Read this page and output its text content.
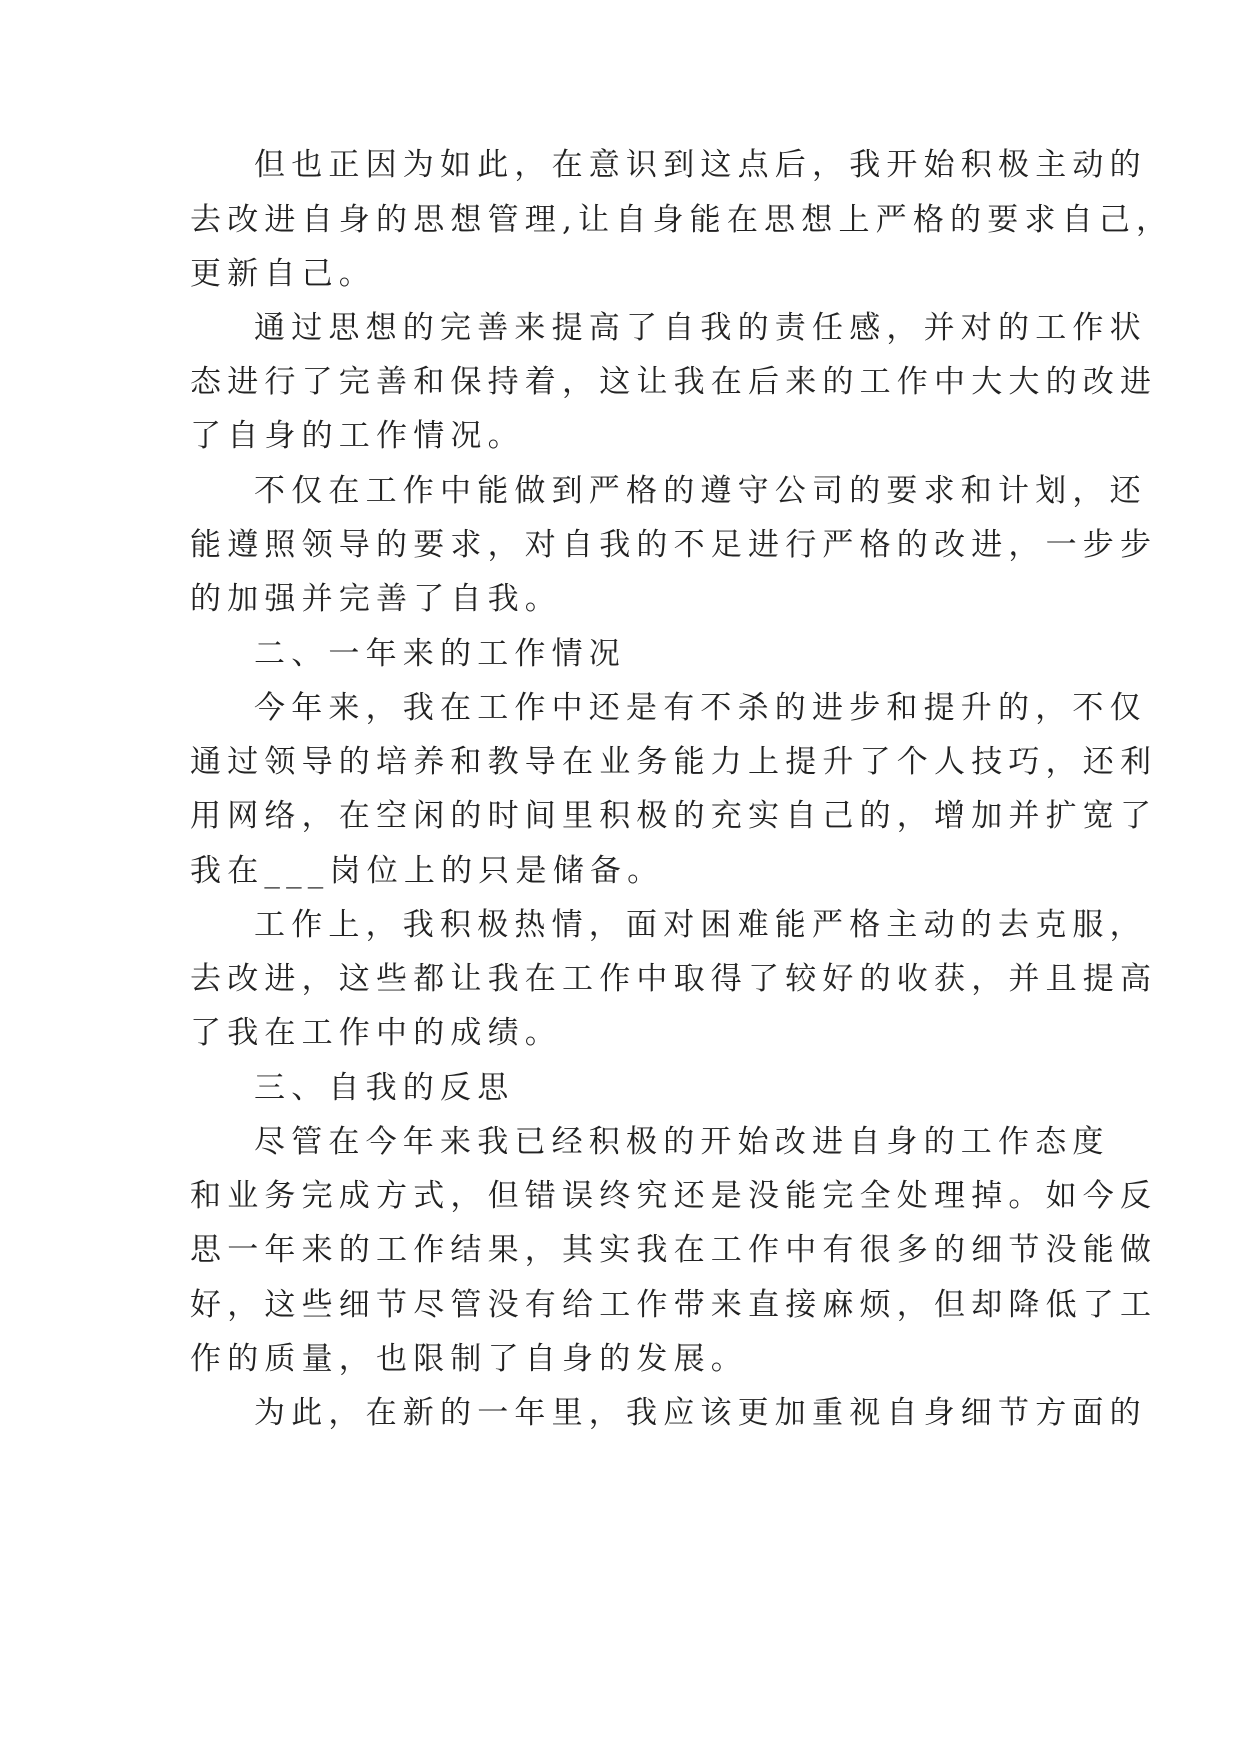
但也正因为如此，在意识到这点后，我开始积极主动的

去改进自身的思想管理,让自身能在思想上严格的要求自己，

更新自己。

通过思想的完善来提高了自我的责任感，并对的工作状

态进行了完善和保持着，这让我在后来的工作中大大的改进

了自身的工作情况。

不仅在工作中能做到严格的遵守公司的要求和计划，还

能遵照领导的要求，对自我的不足进行严格的改进，一步步

的加强并完善了自我。

二、一年来的工作情况

今年来，我在工作中还是有不杀的进步和提升的，不仅

通过领导的培养和教导在业务能力上提升了个人技巧，还利

用网络，在空闲的时间里积极的充实自己的，增加并扩宽了

我在___岗位上的只是储备。

工作上，我积极热情，面对困难能严格主动的去克服，

去改进，这些都让我在工作中取得了较好的收获，并且提高

了我在工作中的成绩。

三、自我的反思

尽管在今年来我已经积极的开始改进自身的工作态度

和业务完成方式，但错误终究还是没能完全处理掉。如今反

思一年来的工作结果，其实我在工作中有很多的细节没能做

好，这些细节尽管没有给工作带来直接麻烦，但却降低了工

作的质量，也限制了自身的发展。

为此，在新的一年里，我应该更加重视自身细节方面的
